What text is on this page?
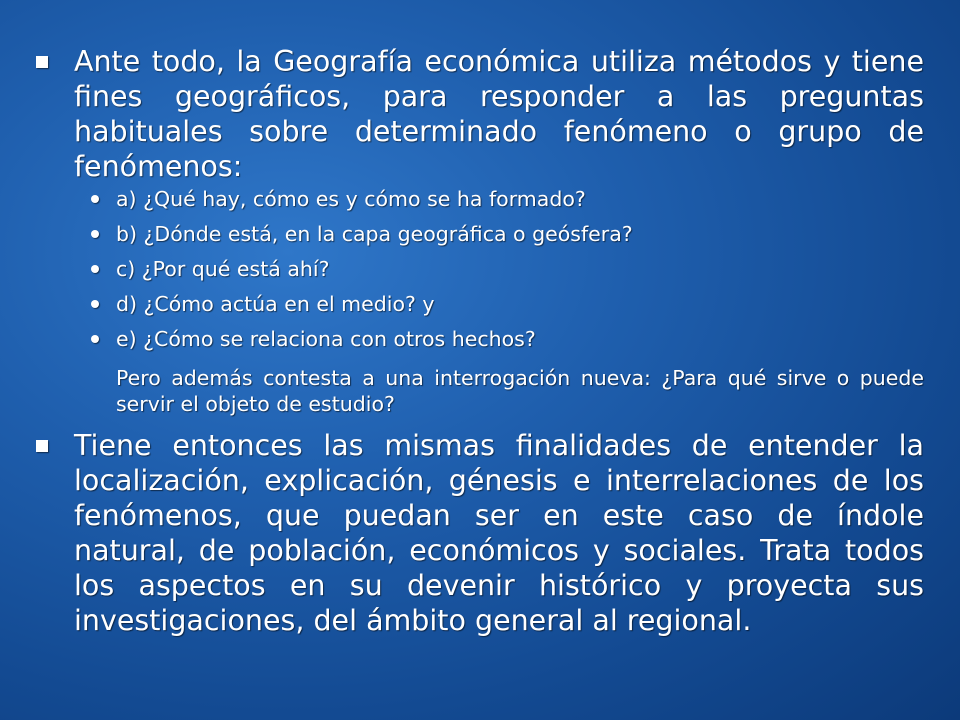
Ante todo, la Geografía económica utiliza métodos y tiene fines geográficos, para responder a las preguntas habituales sobre determinado fenómeno o grupo de fenómenos:
a) ¿Qué hay, cómo es y cómo se ha formado?
b) ¿Dónde está, en la capa geográfica o geósfera?
c) ¿Por qué está ahí?
d) ¿Cómo actúa en el medio? y
e) ¿Cómo se relaciona con otros hechos?
Pero además contesta a una interrogación nueva: ¿Para qué sirve o puede servir el objeto de estudio?
Tiene entonces las mismas finalidades de entender la localización, explicación, génesis e interrelaciones de los fenómenos, que puedan ser en este caso de índole natural, de población, económicos y sociales. Trata todos los aspectos en su devenir histórico y proyecta sus investigaciones, del ámbito general al regional.
